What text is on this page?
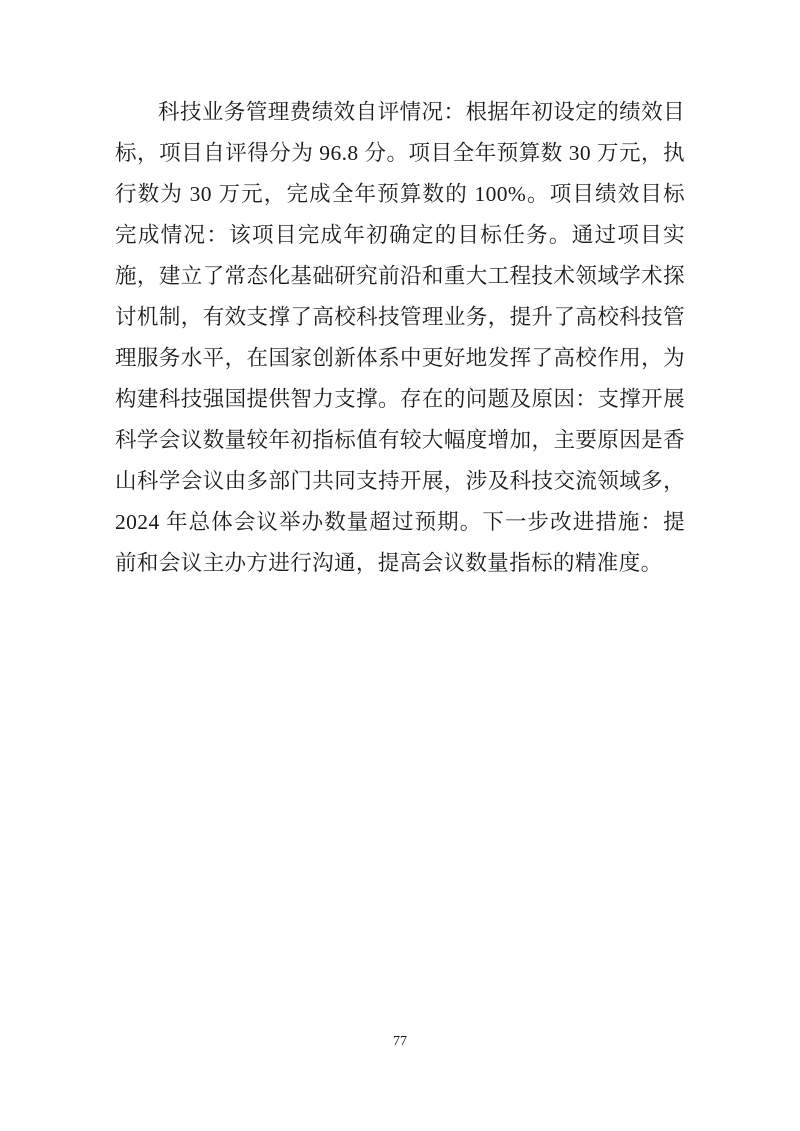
科技业务管理费绩效自评情况：根据年初设定的绩效目标，项目自评得分为 96.8 分。项目全年预算数 30 万元，执行数为 30 万元，完成全年预算数的 100%。项目绩效目标完成情况：该项目完成年初确定的目标任务。通过项目实施，建立了常态化基础研究前沿和重大工程技术领域学术探讨机制，有效支撑了高校科技管理业务，提升了高校科技管理服务水平，在国家创新体系中更好地发挥了高校作用，为构建科技强国提供智力支撑。存在的问题及原因：支撑开展科学会议数量较年初指标值有较大幅度增加，主要原因是香山科学会议由多部门共同支持开展，涉及科技交流领域多，2024 年总体会议举办数量超过预期。下一步改进措施：提前和会议主办方进行沟通，提高会议数量指标的精准度。

77
